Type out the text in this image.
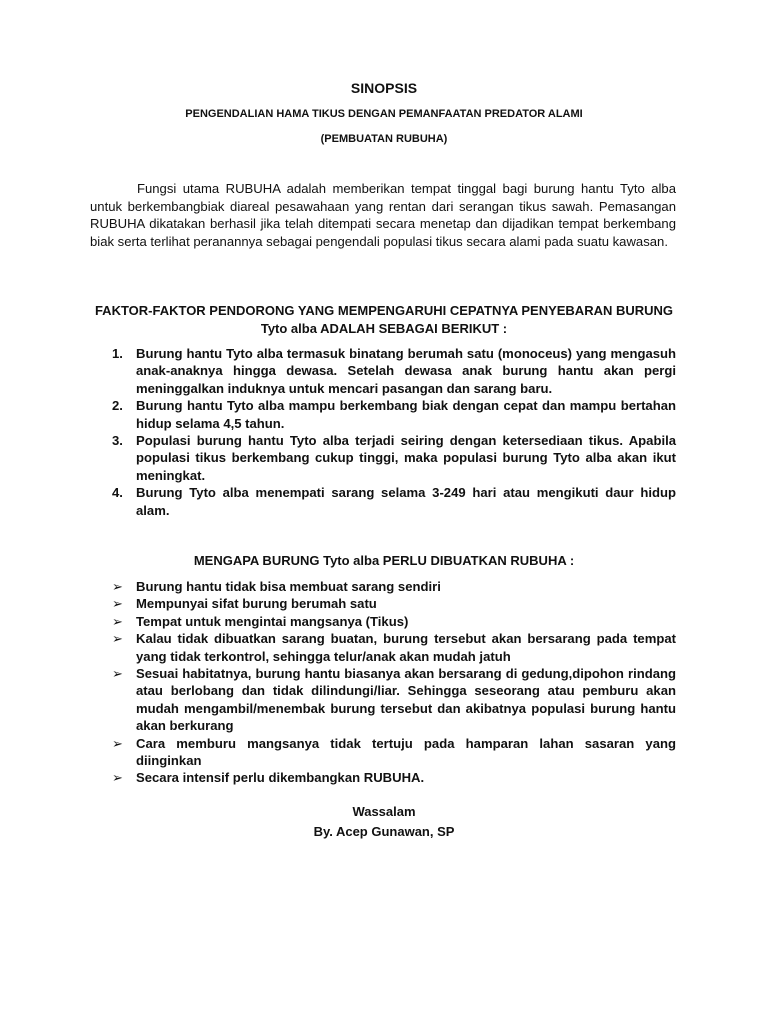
SINOPSIS
PENGENDALIAN HAMA TIKUS DENGAN PEMANFAATAN PREDATOR ALAMI
(PEMBUATAN RUBUHA)

Fungsi utama RUBUHA adalah memberikan tempat tinggal bagi burung hantu Tyto alba untuk berkembangbiak diareal pesawahaan yang rentan dari serangan tikus sawah. Pemasangan RUBUHA dikatakan berhasil jika telah ditempati secara menetap dan dijadikan tempat berkembang biak serta terlihat peranannya sebagai pengendali populasi tikus secara alami pada suatu kawasan.

FAKTOR-FAKTOR PENDORONG YANG MEMPENGARUHI CEPATNYA PENYEBARAN BURUNG
Tyto alba ADALAH SEBAGAI BERIKUT :
1. Burung hantu Tyto alba termasuk binatang berumah satu (monoceus) yang mengasuh anak-anaknya hingga dewasa. Setelah dewasa anak burung hantu akan pergi meninggalkan induknya untuk mencari pasangan dan sarang baru.
2. Burung hantu Tyto alba mampu berkembang biak dengan cepat dan mampu bertahan hidup selama 4,5 tahun.
3. Populasi burung hantu Tyto alba terjadi seiring dengan ketersediaan tikus. Apabila populasi tikus berkembang cukup tinggi, maka populasi burung Tyto alba akan ikut meningkat.
4. Burung Tyto alba menempati sarang selama 3-249 hari atau mengikuti daur hidup alam.
MENGAPA BURUNG Tyto alba PERLU DIBUATKAN RUBUHA :
➢ Burung hantu tidak bisa membuat sarang sendiri
➢ Mempunyai sifat burung berumah satu
➢ Tempat untuk mengintai mangsanya (Tikus)
➢ Kalau tidak dibuatkan sarang buatan, burung tersebut akan bersarang pada tempat yang tidak terkontrol, sehingga telur/anak akan mudah jatuh
➢ Sesuai habitatnya, burung hantu biasanya akan bersarang di gedung,dipohon rindang atau berlobang dan tidak dilindungi/liar. Sehingga seseorang atau pemburu akan mudah mengambil/menembak burung tersebut dan akibatnya populasi burung hantu akan berkurang
➢ Cara memburu mangsanya tidak tertuju pada hamparan lahan sasaran yang diinginkan
➢ Secara intensif perlu dikembangkan RUBUHA.
Wassalam
By. Acep Gunawan, SP
